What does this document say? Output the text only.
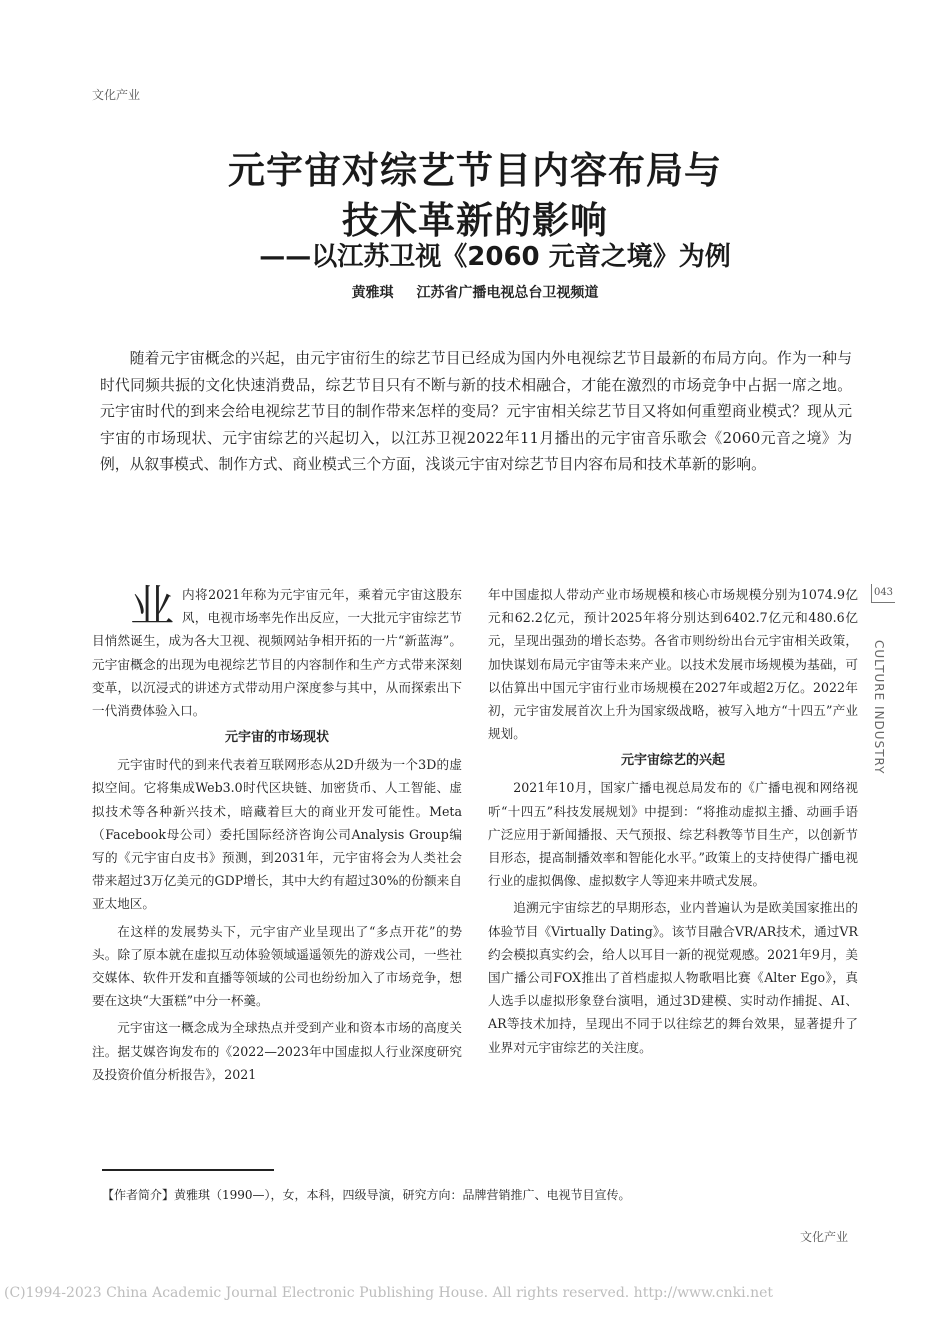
文化产业
元宇宙对综艺节目内容布局与
技术革新的影响
——以江苏卫视《2060 元音之境》为例
黄雅琪 江苏省广播电视总台卫视频道

随着元宇宙概念的兴起，由元宇宙衍生的综艺节目已经成为国内外电视综艺节目最新的布局方向。作为一种与时代同频共振的文化快速消费品，综艺节目只有不断与新的技术相融合，才能在激烈的市场竞争中占据一席之地。元宇宙时代的到来会给电视综艺节目的制作带来怎样的变局？元宇宙相关综艺节目又将如何重塑商业模式？现从元宇宙的市场现状、元宇宙综艺的兴起切入，以江苏卫视2022年11月播出的元宇宙音乐歌会《2060元音之境》为例，从叙事模式、制作方式、商业模式三个方面，浅谈元宇宙对综艺节目内容布局和技术革新的影响。

业 内将2021年称为元宇宙元年，乘着元宇宙这股东风，电视市场率先作出反应，一大批元宇宙综艺节目悄然诞生，成为各大卫视、视频网站争相开拓的一片“新蓝海”。元宇宙概念的出现为电视综艺节目的内容制作和生产方式带来深刻变革，以沉浸式的讲述方式带动用户深度参与其中，从而探索出下一代消费体验入口。

元宇宙的市场现状

元宇宙时代的到来代表着互联网形态从2D升级为一个3D的虚拟空间。它将集成Web3.0时代区块链、加密货币、人工智能、虚拟技术等各种新兴技术，暗藏着巨大的商业开发可能性。Meta（Facebook母公司）委托国际经济咨询公司Analysis Group编写的《元宇宙白皮书》预测，到2031年，元宇宙将会为人类社会带来超过3万亿美元的GDP增长，其中大约有超过30%的份额来自亚太地区。

在这样的发展势头下，元宇宙产业呈现出了“多点开花”的势头。除了原本就在虚拟互动体验领域遥遥领先的游戏公司，一些社交媒体、软件开发和直播等领域的公司也纷纷加入了市场竞争，想要在这块“大蛋糕”中分一杯羹。

元宇宙这一概念成为全球热点并受到产业和资本市场的高度关注。据艾媒咨询发布的《2022—2023年中国虚拟人行业深度研究及投资价值分析报告》，2021

年中国虚拟人带动产业市场规模和核心市场规模分别为1074.9亿元和62.2亿元，预计2025年将分别达到6402.7亿元和480.6亿元，呈现出强劲的增长态势。各省市则纷纷出台元宇宙相关政策，加快谋划布局元宇宙等未来产业。以技术发展市场规模为基础，可以估算出中国元宇宙行业市场规模在2027年或超2万亿。2022年初，元宇宙发展首次上升为国家级战略，被写入地方“十四五”产业规划。

元宇宙综艺的兴起

2021年10月，国家广播电视总局发布的《广播电视和网络视听“十四五”科技发展规划》中提到：“将推动虚拟主播、动画手语广泛应用于新闻播报、天气预报、综艺科教等节目生产，以创新节目形态，提高制播效率和智能化水平。”政策上的支持使得广播电视行业的虚拟偶像、虚拟数字人等迎来井喷式发展。

追溯元宇宙综艺的早期形态，业内普遍认为是欧美国家推出的体验节目《Virtually Dating》。该节目融合VR/AR技术，通过VR约会模拟真实约会，给人以耳目一新的视觉观感。2021年9月，美国广播公司FOX推出了首档虚拟人物歌唱比赛《Alter Ego》，真人选手以虚拟形象登台演唱，通过3D建模、实时动作捕捉、AI、AR等技术加持，呈现出不同于以往综艺的舞台效果，显著提升了业界对元宇宙综艺的关注度。

043
CULTURE INDUSTRY
【作者简介】黄雅琪（1990—），女，本科，四级导演，研究方向：品牌营销推广、电视节目宣传。
文化产业
(C)1994-2023 China Academic Journal Electronic Publishing House. All rights reserved. http://www.cnki.net
